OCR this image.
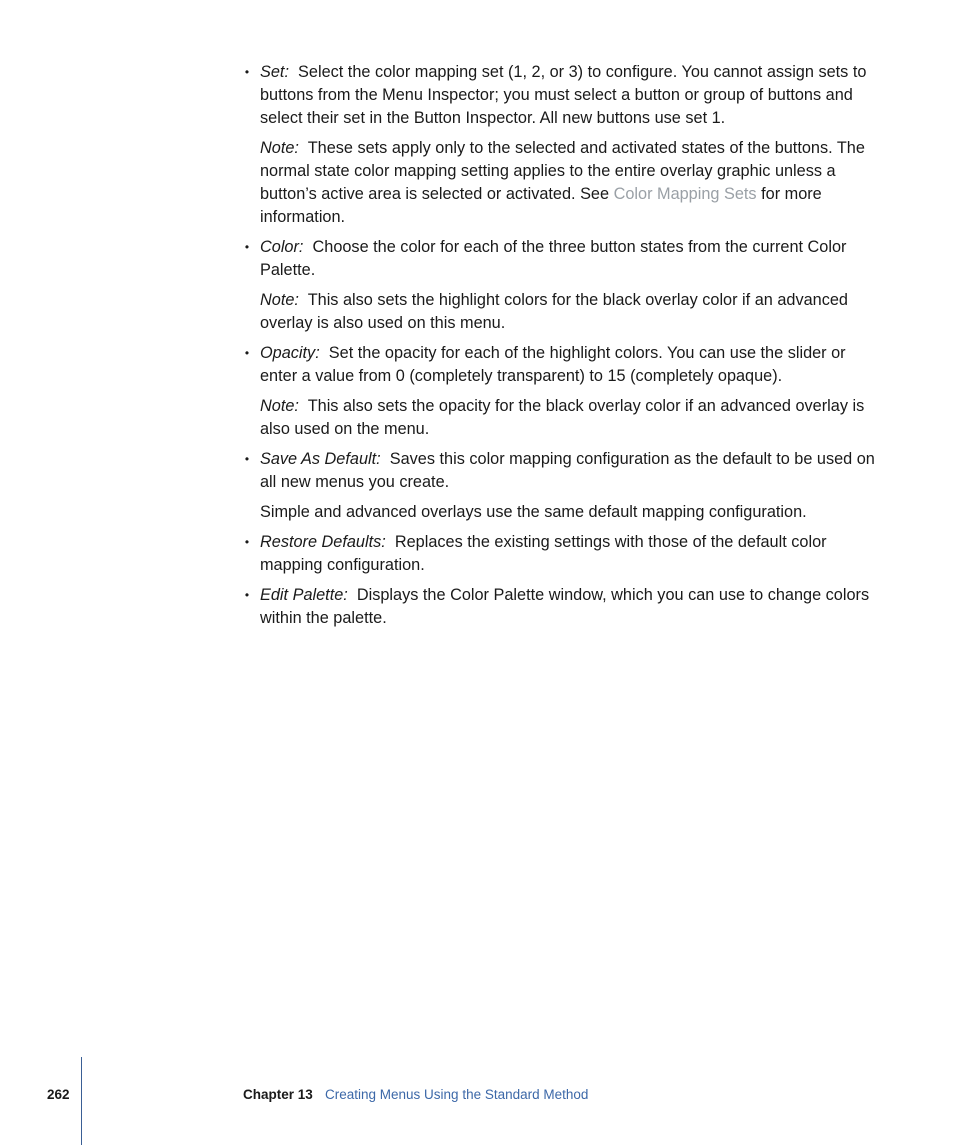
• Set: Select the color mapping set (1, 2, or 3) to configure. You cannot assign sets to buttons from the Menu Inspector; you must select a button or group of buttons and select their set in the Button Inspector. All new buttons use set 1.
Note: These sets apply only to the selected and activated states of the buttons. The normal state color mapping setting applies to the entire overlay graphic unless a button’s active area is selected or activated. See Color Mapping Sets for more information.
• Color: Choose the color for each of the three button states from the current Color Palette.
Note: This also sets the highlight colors for the black overlay color if an advanced overlay is also used on this menu.
• Opacity: Set the opacity for each of the highlight colors. You can use the slider or enter a value from 0 (completely transparent) to 15 (completely opaque).
Note: This also sets the opacity for the black overlay color if an advanced overlay is also used on the menu.
• Save As Default: Saves this color mapping configuration as the default to be used on all new menus you create.
Simple and advanced overlays use the same default mapping configuration.
• Restore Defaults: Replaces the existing settings with those of the default color mapping configuration.
• Edit Palette: Displays the Color Palette window, which you can use to change colors within the palette.
262	Chapter 13 Creating Menus Using the Standard Method
